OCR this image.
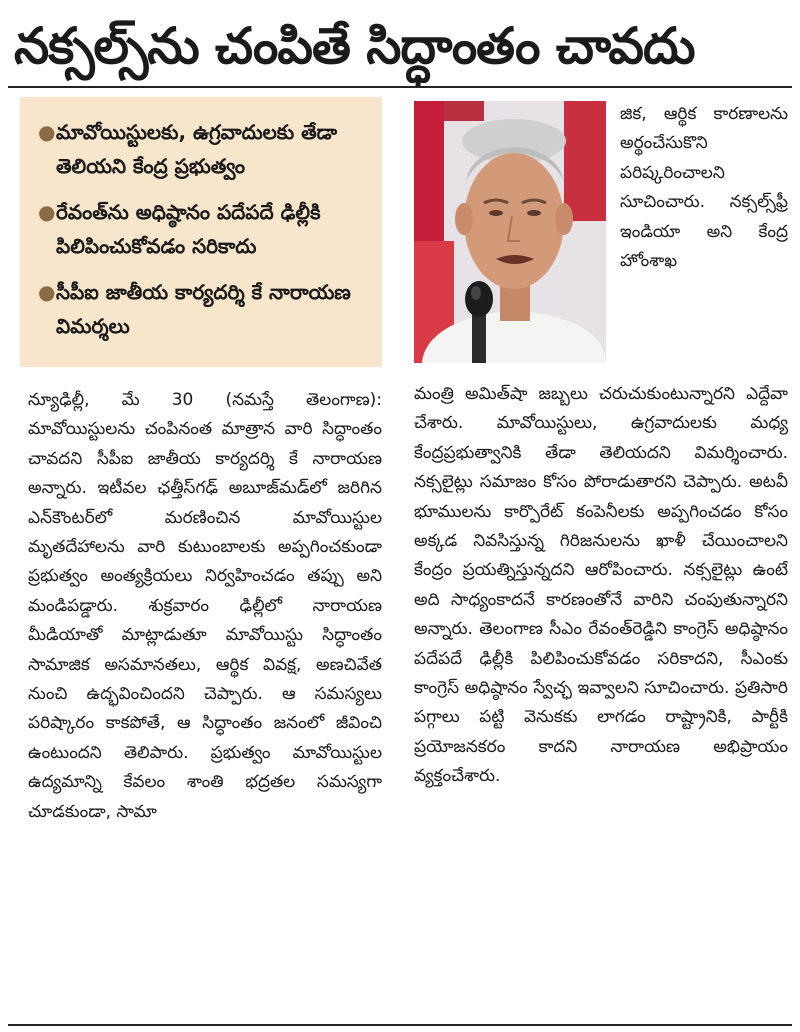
నక్సల్స్‌ను చంపితే సిద్ధాంతం చావదు
● మావోయిస్టులకు, ఉగ్రవాదులకు తేడా తెలియని కేంద్ర ప్రభుత్వం

● రేవంత్‌ను అధిష్ఠానం పదేపదే ఢిల్లీకి పిలిపించుకోవడం సరికాదు

● సీపీఐ జాతీయ కార్యదర్శి కే నారాయణ విమర్శలు

న్యూఢిల్లీ, మే 30 (నమస్తే తెలంగాణ): మావోయిస్టులను చంపినంత మాత్రాన వారి సిద్ధాంతం చావదని సీపీఐ జాతీయ కార్యదర్శి కే నారాయణ అన్నారు. ఇటీవల ఛత్తీస్‌గఢ్ అబూజ్‌మడ్‌లో జరిగిన ఎన్‌కౌంటర్‌లో మరణించిన మావోయిస్టుల మృతదేహాలను వారి కుటుంబాలకు అప్పగించకుండా ప్రభుత్వం అంత్యక్రియలు నిర్వహించడం తప్పు అని మండిపడ్డారు. శుక్రవారం ఢిల్లీలో నారాయణ మీడియాతో మాట్లాడుతూ మావోయిస్టు సిద్ధాంతం సామాజిక అసమానతలు, ఆర్థిక వివక్ష, అణచివేత నుంచి ఉద్భవించిందని చెప్పారు. ఆ సమస్యలు పరిష్కారం కాకపోతే, ఆ సిద్ధాంతం జనంలో జీవించి ఉంటుందని తెలిపారు. ప్రభుత్వం మావోయిస్టుల ఉద్యమాన్ని కేవలం శాంతి భద్రతల సమస్యగా చూడకుండా, సామా

జిక, ఆర్థిక కారణాలను అర్థంచేసుకొని పరిష్కరించాలని సూచించారు. నక్సల్స్‌ఫ్రీ ఇండియా అని కేంద్ర హోంశాఖ

మంత్రి అమిత్‌షా జబ్బలు చరుచుకుంటున్నారని ఎద్దేవా చేశారు. మావోయిస్టులు, ఉగ్రవాదులకు మధ్య కేంద్రప్రభుత్వానికి తేడా తెలియదని విమర్శించారు. నక్సలైట్లు సమాజం కోసం పోరాడుతారని చెప్పారు. అటవీ భూములను కార్పొరేట్ కంపెనీలకు అప్పగించడం కోసం అక్కడ నివసిస్తున్న గిరిజనులను ఖాళీ చేయించాలని కేంద్రం ప్రయత్నిస్తున్నదని ఆరోపించారు. నక్సలైట్లు ఉంటే అది సాధ్యంకాదనే కారణంతోనే వారిని చంపుతున్నారని అన్నారు. తెలంగాణ సీఎం రేవంత్‌రెడ్డిని కాంగ్రెస్ అధిష్ఠానం పదేపదే ఢిల్లీకి పిలిపించుకోవడం సరికాదని, సీఎంకు కాంగ్రెస్ అధిష్ఠానం స్వేచ్ఛ ఇవ్వాలని సూచించారు. ప్రతిసారి పగ్గాలు పట్టి వెనుకకు లాగడం రాష్ట్రానికి, పార్టీకి ప్రయోజనకరం కాదని నారాయణ అభిప్రాయం వ్యక్తంచేశారు.
